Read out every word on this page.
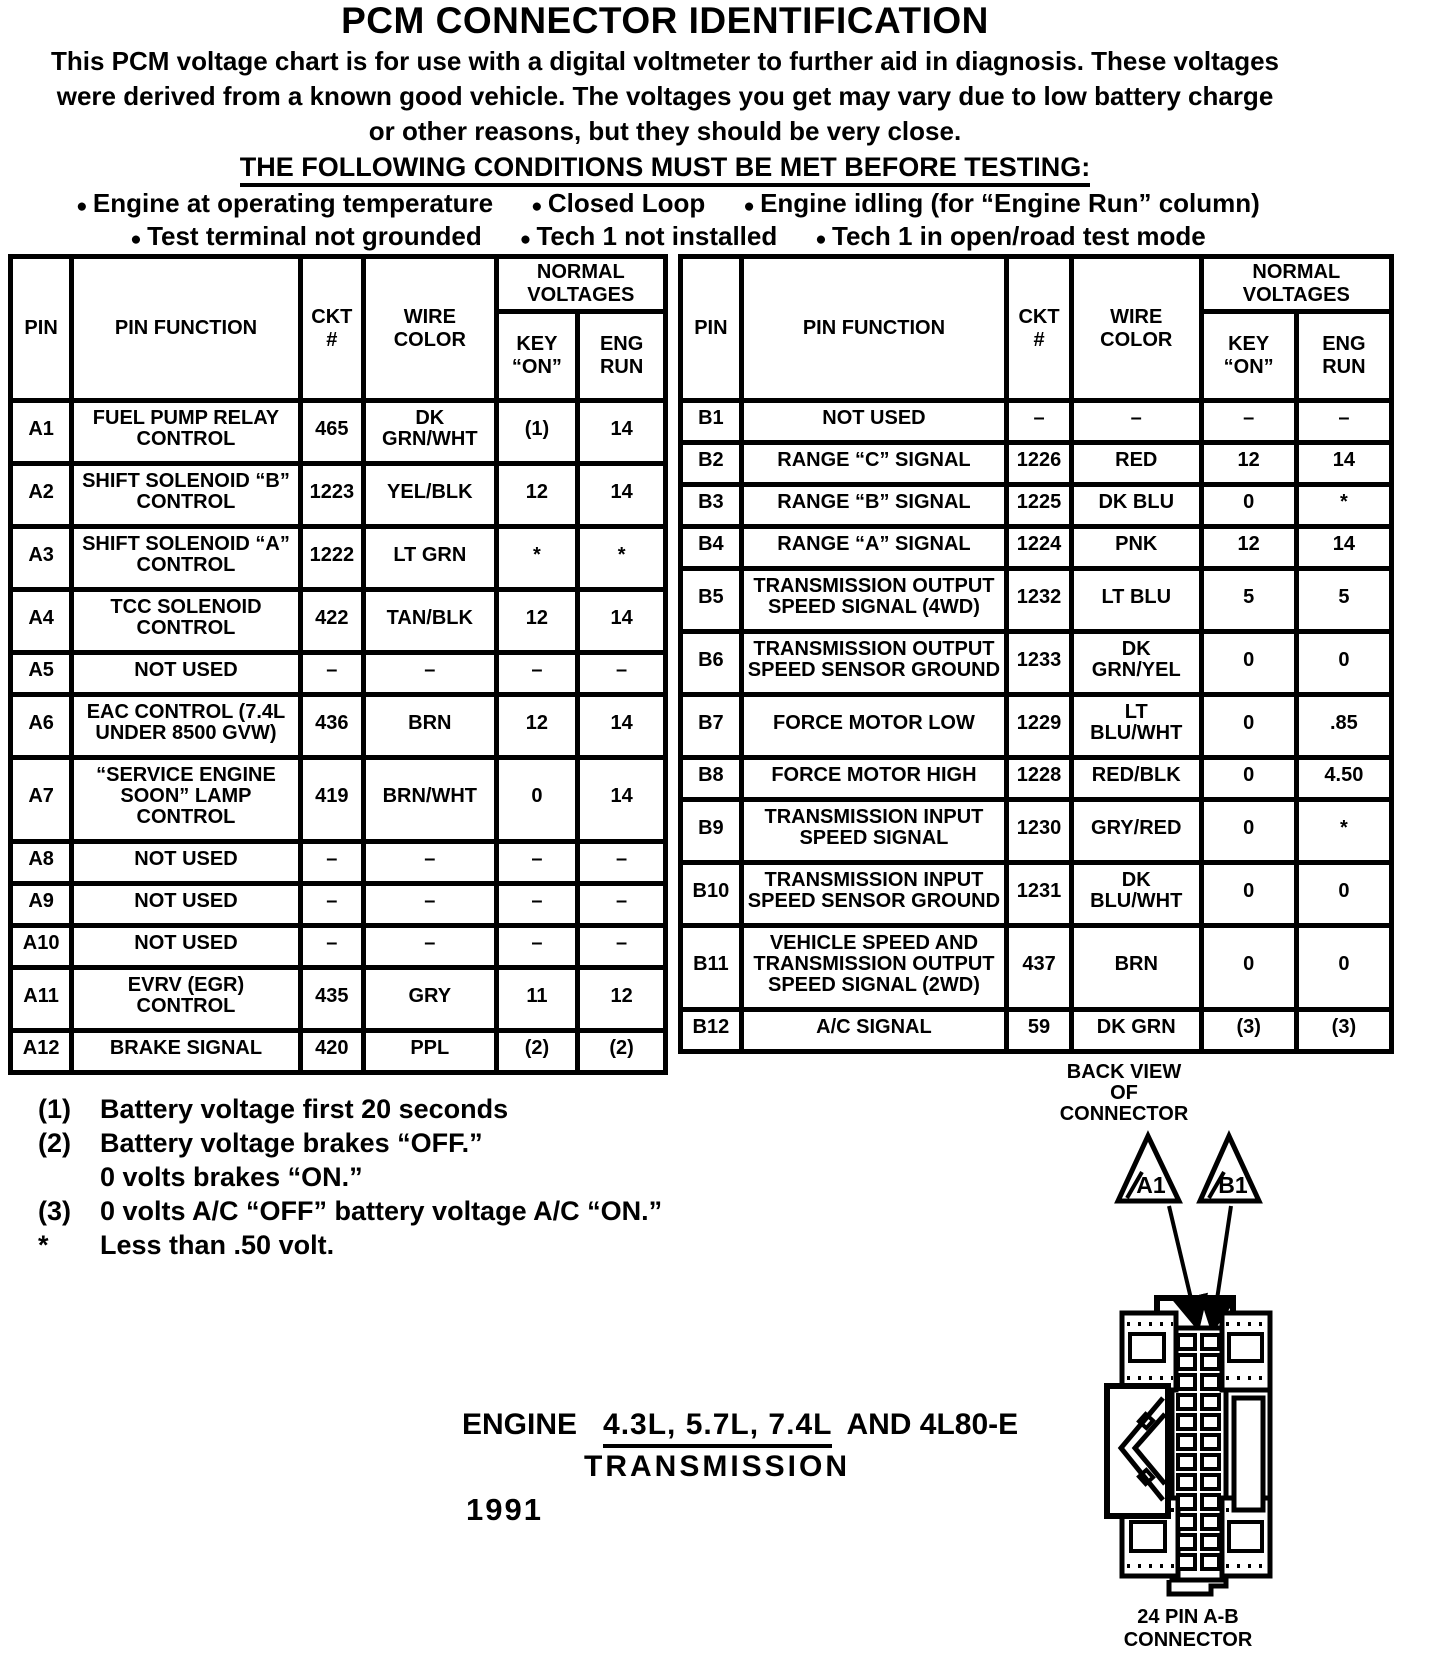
PCM CONNECTOR IDENTIFICATION
This PCM voltage chart is for use with a digital voltmeter to further aid in diagnosis. These voltages
were derived from a known good vehicle. The voltages you get may vary due to low battery charge
or other reasons, but they should be very close.
THE FOLLOWING CONDITIONS MUST BE MET BEFORE TESTING:
● Engine at operating temperature	● Closed Loop	● Engine idling (for “Engine Run” column)
● Test terminal not grounded	● Tech 1 not installed	● Tech 1 in open/road test mode
PIN	PIN FUNCTION	CKT #	WIRE COLOR	NORMAL VOLTAGES	
				KEY “ON”	ENG RUN
A1	FUEL PUMP RELAY CONTROL	465	DK GRN/WHT	(1)	14
A2	SHIFT SOLENOID “B” CONTROL	1223	YEL/BLK	12	14
A3	SHIFT SOLENOID “A” CONTROL	1222	LT GRN	*	*
A4	TCC SOLENOID CONTROL	422	TAN/BLK	12	14
A5	NOT USED	–	–	–	–
A6	EAC CONTROL (7.4L UNDER 8500 GVW)	436	BRN	12	14
A7	“SERVICE ENGINE SOON” LAMP CONTROL	419	BRN/WHT	0	14
A8	NOT USED	–	–	–	–
A9	NOT USED	–	–	–	–
A10	NOT USED	–	–	–	–
A11	EVRV (EGR) CONTROL	435	GRY	11	12
A12	BRAKE SIGNAL	420	PPL	(2)	(2)
PIN	PIN FUNCTION	CKT #	WIRE COLOR	NORMAL VOLTAGES	
				KEY “ON”	ENG RUN
B1	NOT USED	–	–	–	–
B2	RANGE “C” SIGNAL	1226	RED	12	14
B3	RANGE “B” SIGNAL	1225	DK BLU	0	*
B4	RANGE “A” SIGNAL	1224	PNK	12	14
B5	TRANSMISSION OUTPUT SPEED SIGNAL (4WD)	1232	LT BLU	5	5
B6	TRANSMISSION OUTPUT SPEED SENSOR GROUND	1233	DK GRN/YEL	0	0
B7	FORCE MOTOR LOW	1229	LT BLU/WHT	0	.85
B8	FORCE MOTOR HIGH	1228	RED/BLK	0	4.50
B9	TRANSMISSION INPUT SPEED SIGNAL	1230	GRY/RED	0	*
B10	TRANSMISSION INPUT SPEED SENSOR GROUND	1231	DK BLU/WHT	0	0
B11	VEHICLE SPEED AND TRANSMISSION OUTPUT SPEED SIGNAL (2WD)	437	BRN	0	0
B12	A/C SIGNAL	59	DK GRN	(3)	(3)
(1)	Battery voltage first 20 seconds
(2)	Battery voltage brakes “OFF.”
0 volts brakes “ON.”
(3)	0 volts A/C “OFF” battery voltage A/C “ON.”
*	Less than .50 volt.
BACK VIEW
OF
CONNECTOR
A1 B1
24 PIN A-B
CONNECTOR
ENGINE 4.3L, 5.7L, 7.4L AND 4L80-E
TRANSMISSION
1991
